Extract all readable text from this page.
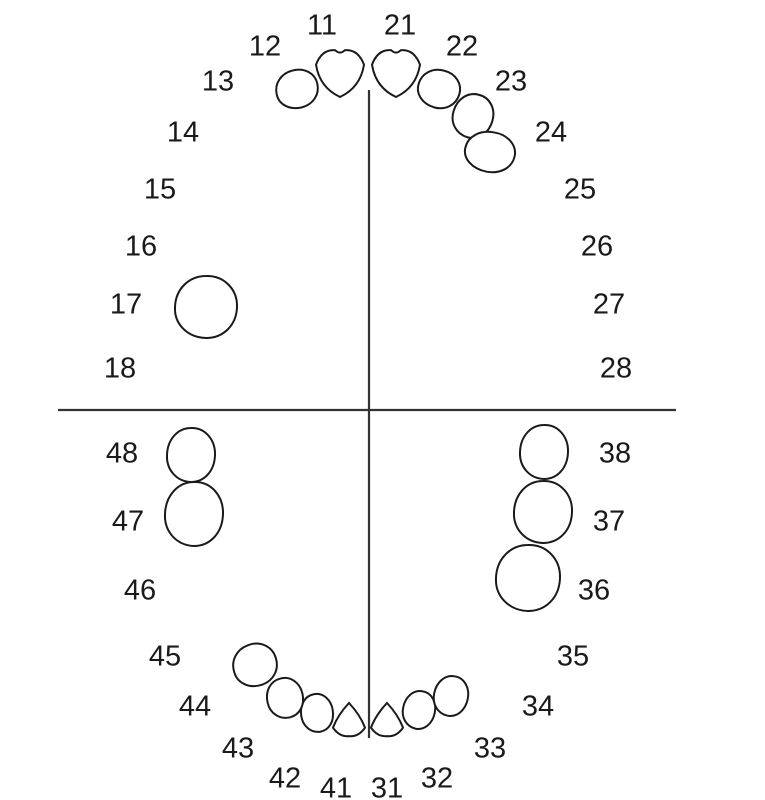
11
12
13
14
15
16
17
18
21
22
23
24
25
26
27
28
31 32
33
34
35
36
37
38
41
42
43
44
45
46
47
48
